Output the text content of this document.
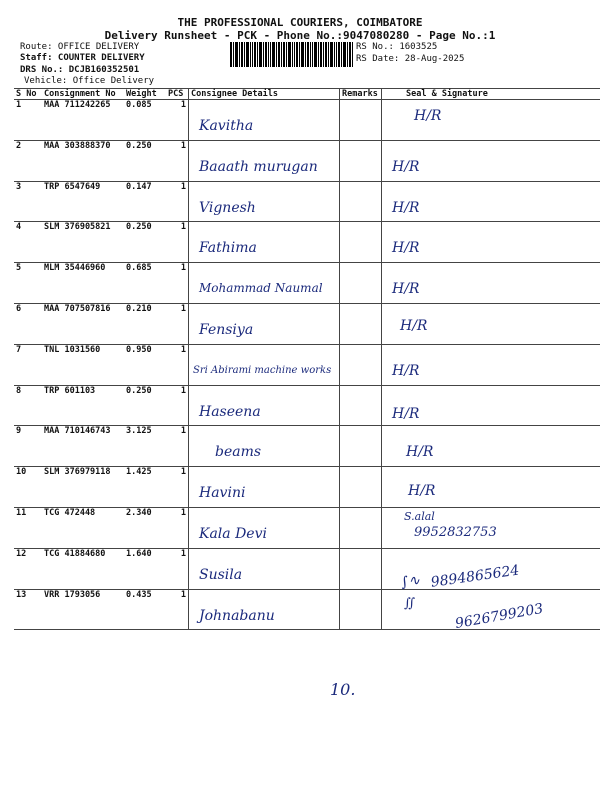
THE PROFESSIONAL COURIERS, COIMBATORE
Delivery Runsheet - PCK - Phone No.:9047080280 - Page No.:1
Route: OFFICE DELIVERY
Staff: COUNTER DELIVERY
DRS No.: DCJB160352501
Vehicle: Office Delivery
RS No.: 1603525
RS Date: 28-Aug-2025
S No	Consignment No	Weight	PCS	Consignee Details	Remarks	Seal & Signature
1	MAA 711242265	0.085	1	Kavitha		H/R

2	MAA 303888370	0.250	1	Baaath murugan		H/R

3	TRP 6547649	0.147	1	Vignesh		H/R

4	SLM 376905821	0.250	1	Fathima		H/R

5	MLM 35446960	0.685	1	Mohammad Naumal		H/R

6	MAA 707507816	0.210	1	Fensiya		H/R

7	TNL 1031560	0.950	1	Sri Abirami machine works		H/R

8	TRP 601103	0.250	1	Haseena		H/R

9	MAA 710146743	3.125	1	beams		H/R

10	SLM 376979118	1.425	1	Havini		H/R

11	TCG 472448	2.340	1	Kala Devi		S.alal
9952832753

12	TCG 41884680	1.640	1	Susila		∫∿ 9894865624

13	VRR 1793056	0.435	1	Johnabanu		∬ 9626799203
10.
